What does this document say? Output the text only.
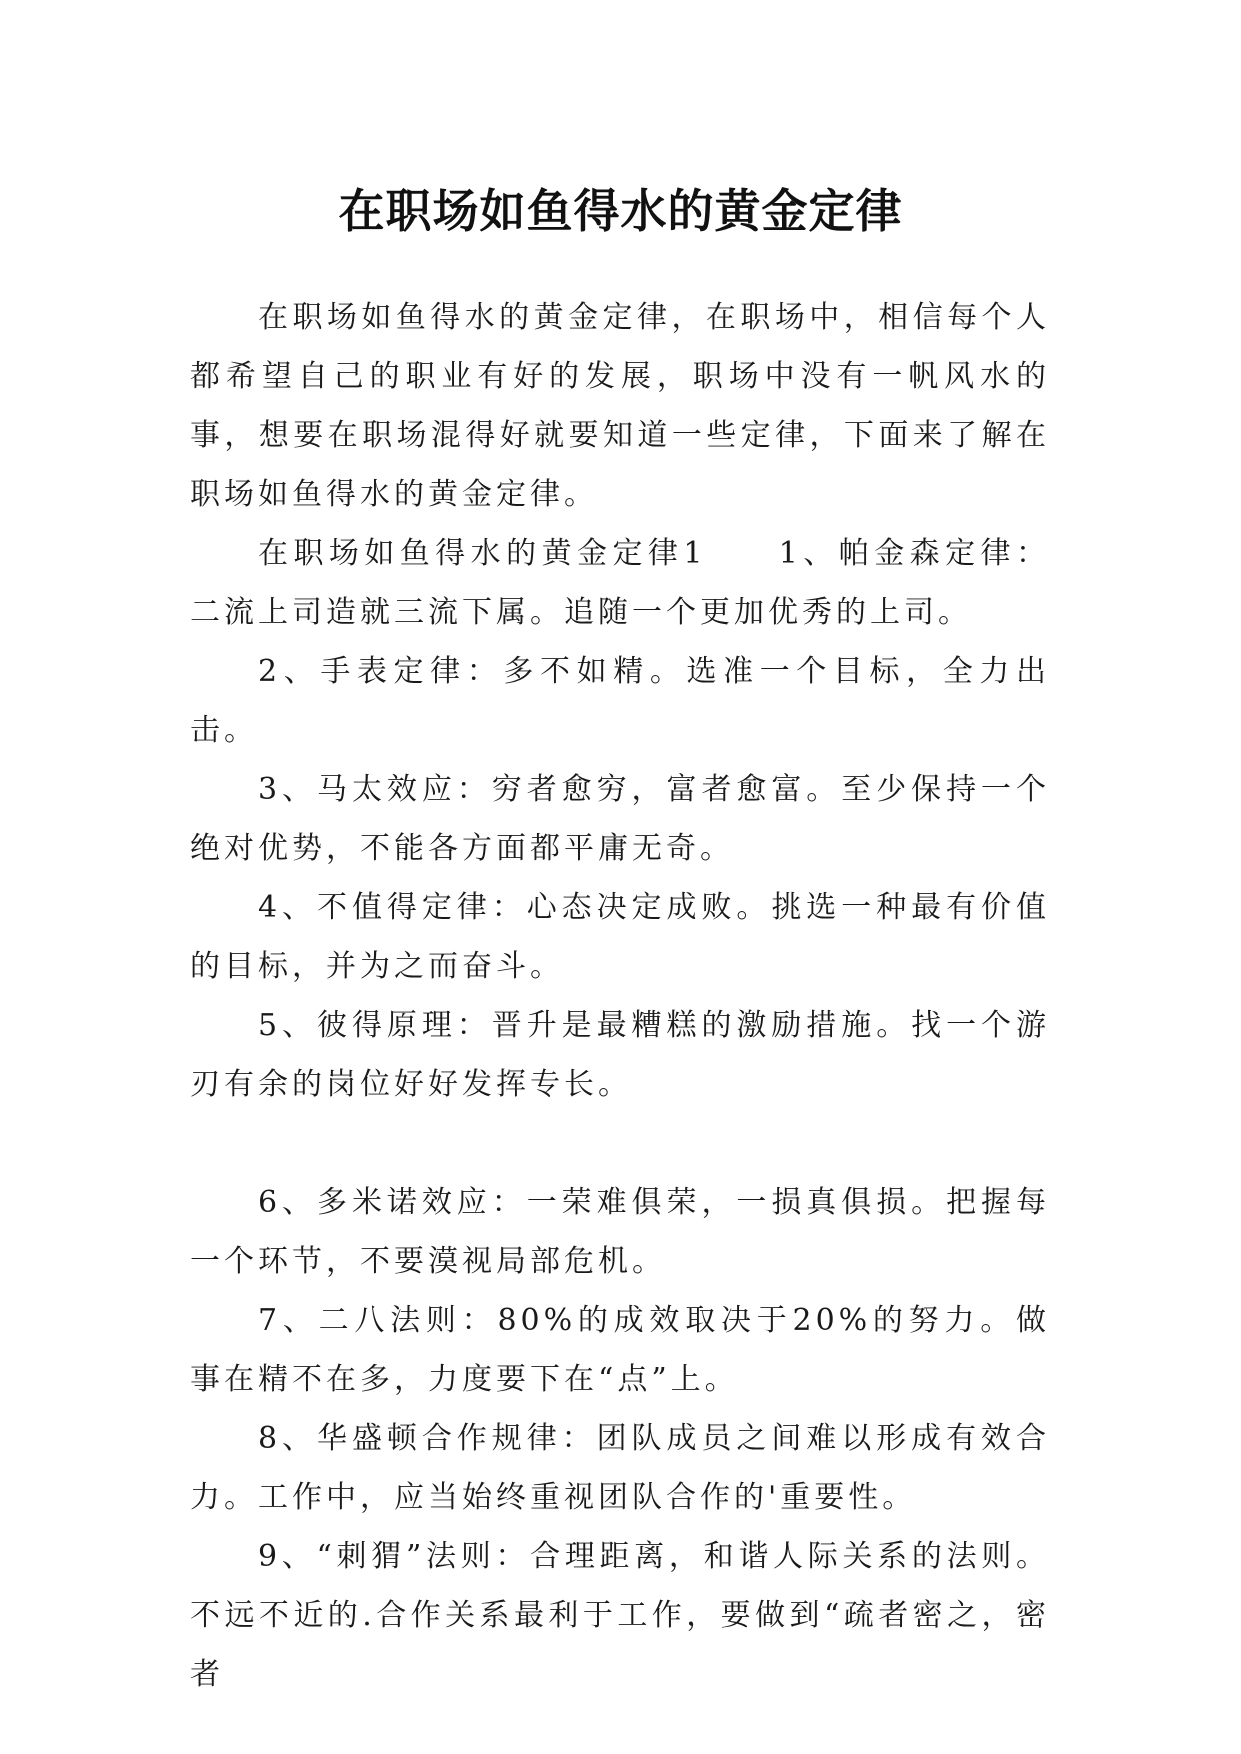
在职场如鱼得水的黄金定律

在职场如鱼得水的黄金定律，在职场中，相信每个人都希望自己的职业有好的发展，职场中没有一帆风水的事，想要在职场混得好就要知道一些定律，下面来了解在职场如鱼得水的黄金定律。

在职场如鱼得水的黄金定律1　　1、帕金森定律：二流上司造就三流下属。追随一个更加优秀的上司。

2、手表定律：多不如精。选准一个目标，全力出击。

3、马太效应：穷者愈穷，富者愈富。至少保持一个绝对优势，不能各方面都平庸无奇。

4、不值得定律：心态决定成败。挑选一种最有价值的目标，并为之而奋斗。

5、彼得原理：晋升是最糟糕的激励措施。找一个游刃有余的岗位好好发挥专长。

6、多米诺效应：一荣难俱荣，一损真俱损。把握每一个环节，不要漠视局部危机。

7、二八法则：80%的成效取决于20%的努力。做事在精不在多，力度要下在“点”上。

8、华盛顿合作规律：团队成员之间难以形成有效合力。工作中，应当始终重视团队合作的'重要性。

9、“刺猬”法则：合理距离，和谐人际关系的法则。不远不近的.合作关系最利于工作，要做到“疏者密之，密者
